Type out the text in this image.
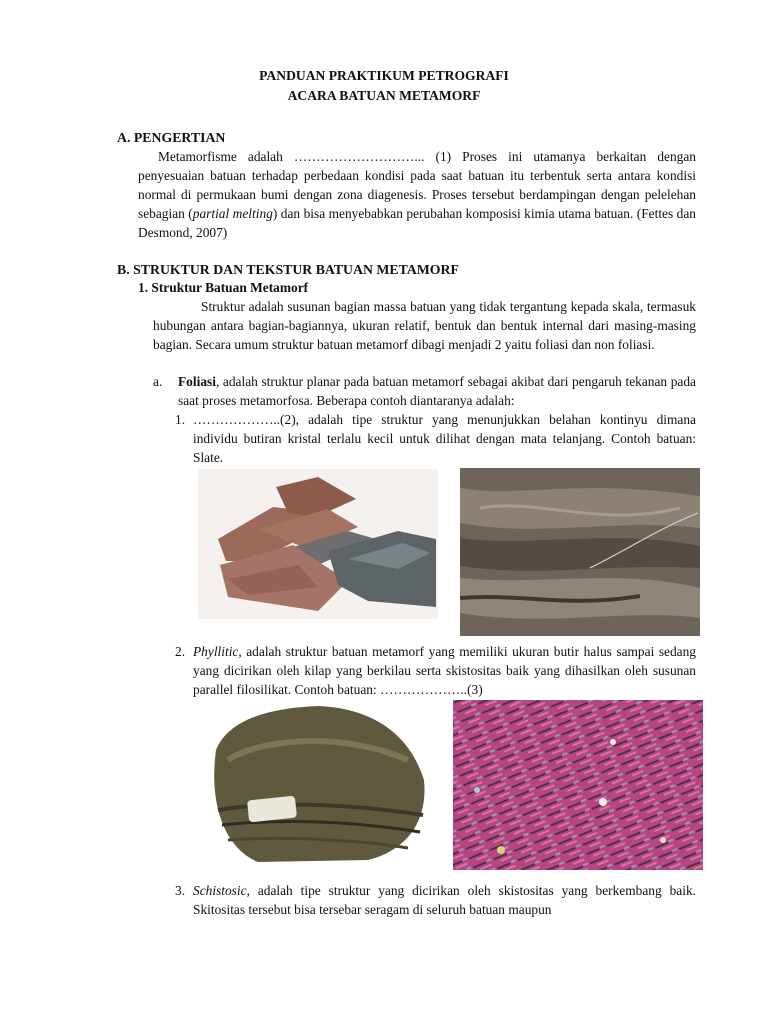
PANDUAN PRAKTIKUM PETROGRAFI
ACARA BATUAN METAMORF
A. PENGERTIAN
Metamorfisme adalah ………………………... (1) Proses ini utamanya berkaitan dengan penyesuaian batuan terhadap perbedaan kondisi pada saat batuan itu terbentuk serta antara kondisi normal di permukaan bumi dengan zona diagenesis. Proses tersebut berdampingan dengan pelelehan sebagian (partial melting) dan bisa menyebabkan perubahan komposisi kimia utama batuan. (Fettes dan Desmond, 2007)
B. STRUKTUR DAN TEKSTUR BATUAN METAMORF
1. Struktur Batuan Metamorf
Struktur adalah susunan bagian massa batuan yang tidak tergantung kepada skala, termasuk hubungan antara bagian-bagiannya, ukuran relatif, bentuk dan bentuk internal dari masing-masing bagian. Secara umum struktur batuan metamorf dibagi menjadi 2 yaitu foliasi dan non foliasi.
a.	Foliasi, adalah struktur planar pada batuan metamorf sebagai akibat dari pengaruh tekanan pada saat proses metamorfosa. Beberapa contoh diantaranya adalah:
1. ………………..(2), adalah tipe struktur yang menunjukkan belahan kontinyu dimana individu butiran kristal terlalu kecil untuk dilihat dengan mata telanjang. Contoh batuan: Slate.
2. Phyllitic, adalah struktur batuan metamorf yang memiliki ukuran butir halus sampai sedang yang dicirikan oleh kilap yang berkilau serta skistositas baik yang dihasilkan oleh susunan parallel filosilikat. Contoh batuan: ………………..(3)
3. Schistosic, adalah tipe struktur yang dicirikan oleh skistositas yang berkembang baik. Skitositas tersebut bisa tersebar seragam di seluruh batuan maupun
